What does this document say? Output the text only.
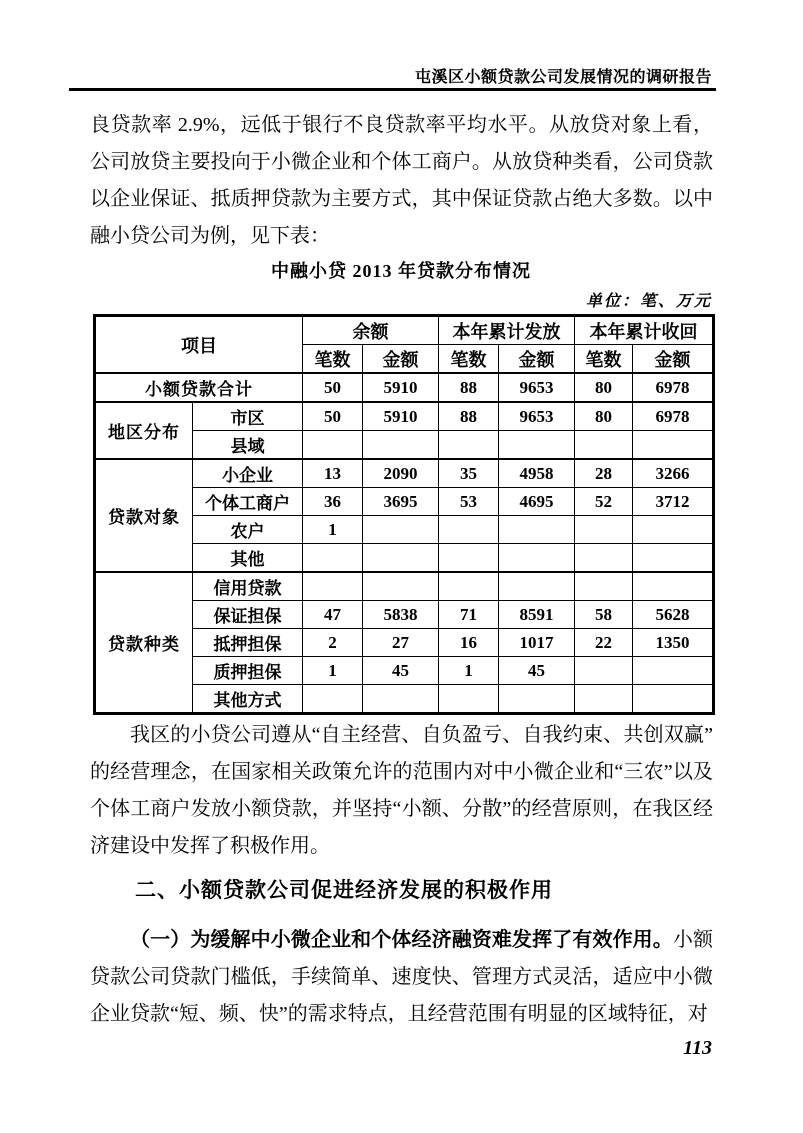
屯溪区小额贷款公司发展情况的调研报告
良贷款率 2.9%，远低于银行不良贷款率平均水平。从放贷对象上看，
公司放贷主要投向于小微企业和个体工商户。从放贷种类看，公司贷款
以企业保证、抵质押贷款为主要方式，其中保证贷款占绝大多数。以中
融小贷公司为例，见下表：
中融小贷 2013 年贷款分布情况
单位：笔、万元
项目		余额		本年累计发放		本年累计收回	
		笔数	金额	笔数	金额	笔数	金额
小额贷款合计		50	5910	88	9653	80	6978
地区分布	市区	50	5910	88	9653	80	6978
	县域						
贷款对象	小企业	13	2090	35	4958	28	3266
	个体工商户	36	3695	53	4695	52	3712
	农户	1					
	其他						
贷款种类	信用贷款						
	保证担保	47	5838	71	8591	58	5628
	抵押担保	2	27	16	1017	22	1350
	质押担保	1	45	1	45		
	其他方式						
我区的小贷公司遵从“自主经营、自负盈亏、自我约束、共创双赢”
的经营理念，在国家相关政策允许的范围内对中小微企业和“三农”以及
个体工商户发放小额贷款，并坚持“小额、分散”的经营原则，在我区经
济建设中发挥了积极作用。
二、小额贷款公司促进经济发展的积极作用
（一）为缓解中小微企业和个体经济融资难发挥了有效作用。小额
贷款公司贷款门槛低，手续简单、速度快、管理方式灵活，适应中小微
企业贷款“短、频、快”的需求特点，且经营范围有明显的区域特征，对
113
